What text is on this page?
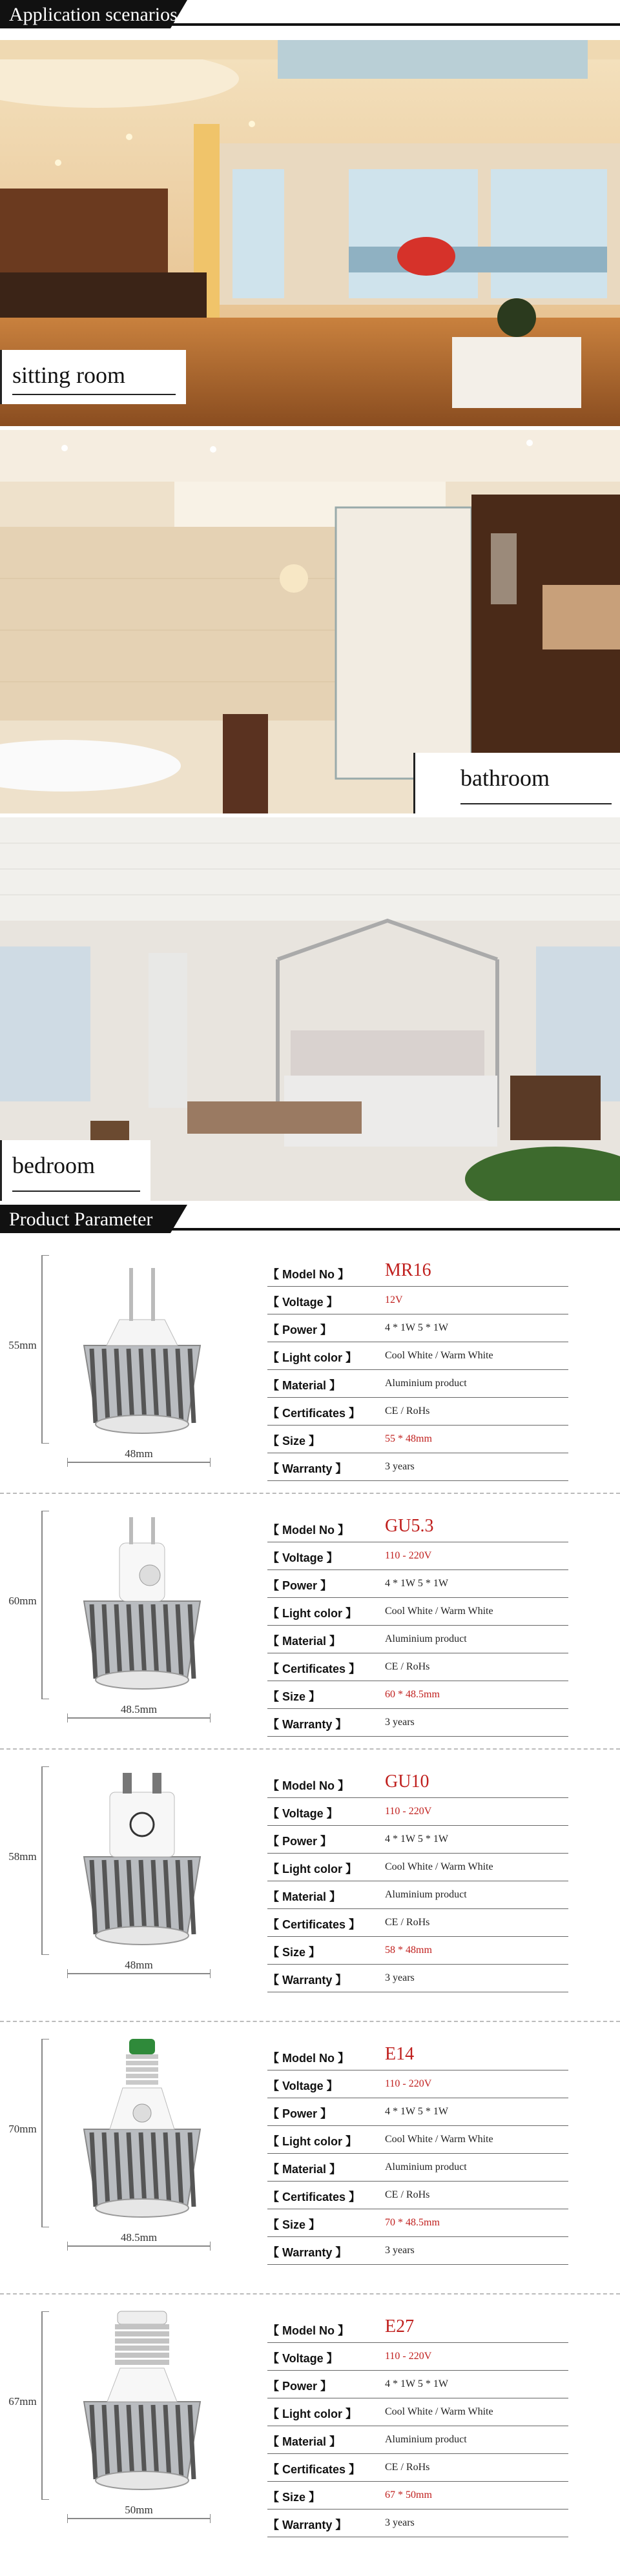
Application scenarios
sitting room
bathroom
bedroom
Product Parameter
55mm
48mm
【 Model No 】 MR16
【 Voltage 】	12V
【 Power 】	4 * 1W 5 * 1W
【 Light color 】	Cool White / Warm White
【 Material 】	Aluminium product
【 Certificates 】 CE / RoHs
【 Size 】	55 * 48mm
【 Warranty 】	3 years
60mm
48.5mm
【 Model No 】 GU5.3
【 Voltage 】	110 - 220V
【 Power 】	4 * 1W 5 * 1W
【 Light color 】	Cool White / Warm White
【 Material 】	Aluminium product
【 Certificates 】 CE / RoHs
【 Size 】	60 * 48.5mm
【 Warranty 】	3 years
58mm
48mm
【 Model No 】 GU10
【 Voltage 】	110 - 220V
【 Power 】	4 * 1W 5 * 1W
【 Light color 】	Cool White / Warm White
【 Material 】	Aluminium product
【 Certificates 】 CE / RoHs
【 Size 】	58 * 48mm
【 Warranty 】	3 years
70mm
48.5mm
【 Model No 】 E14
【 Voltage 】	110 - 220V
【 Power 】	4 * 1W 5 * 1W
【 Light color 】	Cool White / Warm White
【 Material 】	Aluminium product
【 Certificates 】 CE / RoHs
【 Size 】	70 * 48.5mm
【 Warranty 】	3 years
67mm
50mm
【 Model No 】 E27
【 Voltage 】	110 - 220V
【 Power 】	4 * 1W 5 * 1W
【 Light color 】	Cool White / Warm White
【 Material 】	Aluminium product
【 Certificates 】 CE / RoHs
【 Size 】	67 * 50mm
【 Warranty 】	3 years
